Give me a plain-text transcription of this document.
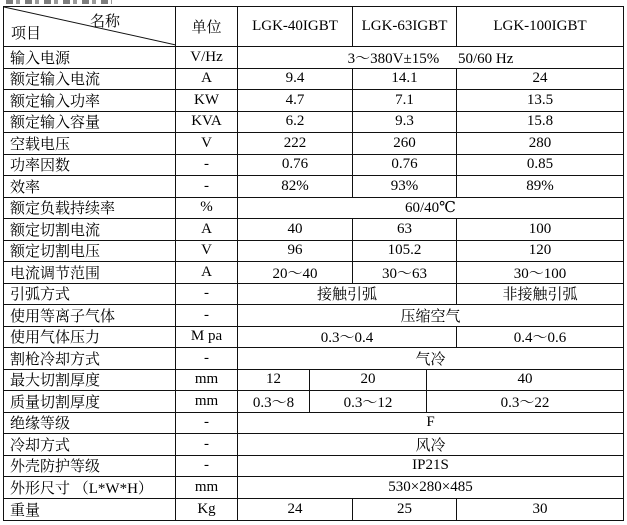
名称
项目	单位	LGK-40IGBT	LGK-63IGBT	LGK-100IGBT
输入电源	V/Hz	3～380V±15%　 50/60 Hz
额定输入电流	A	9.4	14.1	24
额定输入功率	KW	4.7	7.1	13.5
额定输入容量	KVA	6.2	9.3	15.8
空载电压	V	222	260	280
功率因数	-	0.76	0.76	0.85
效率	-	82%	93%	89%
额定负载持续率	%	60/40℃
额定切割电流	A	40	63	100
额定切割电压	V	96	105.2	120
电流调节范围	A	20～40	30～63	30～100
引弧方式	-	接触引弧	非接触引弧
使用等离子气体	-	压缩空气
使用气体压力	M pa	0.3～0.4	0.4～0.6
割枪冷却方式	-	气冷
最大切割厚度	mm	12	20	40
质量切割厚度	mm	0.3～8	0.3～12	0.3～22
绝缘等级	-	F
冷却方式	-	风冷
外壳防护等级	-	IP21S
外形尺寸 （L*W*H）	mm	530×280×485
重量	Kg	24	25	30
